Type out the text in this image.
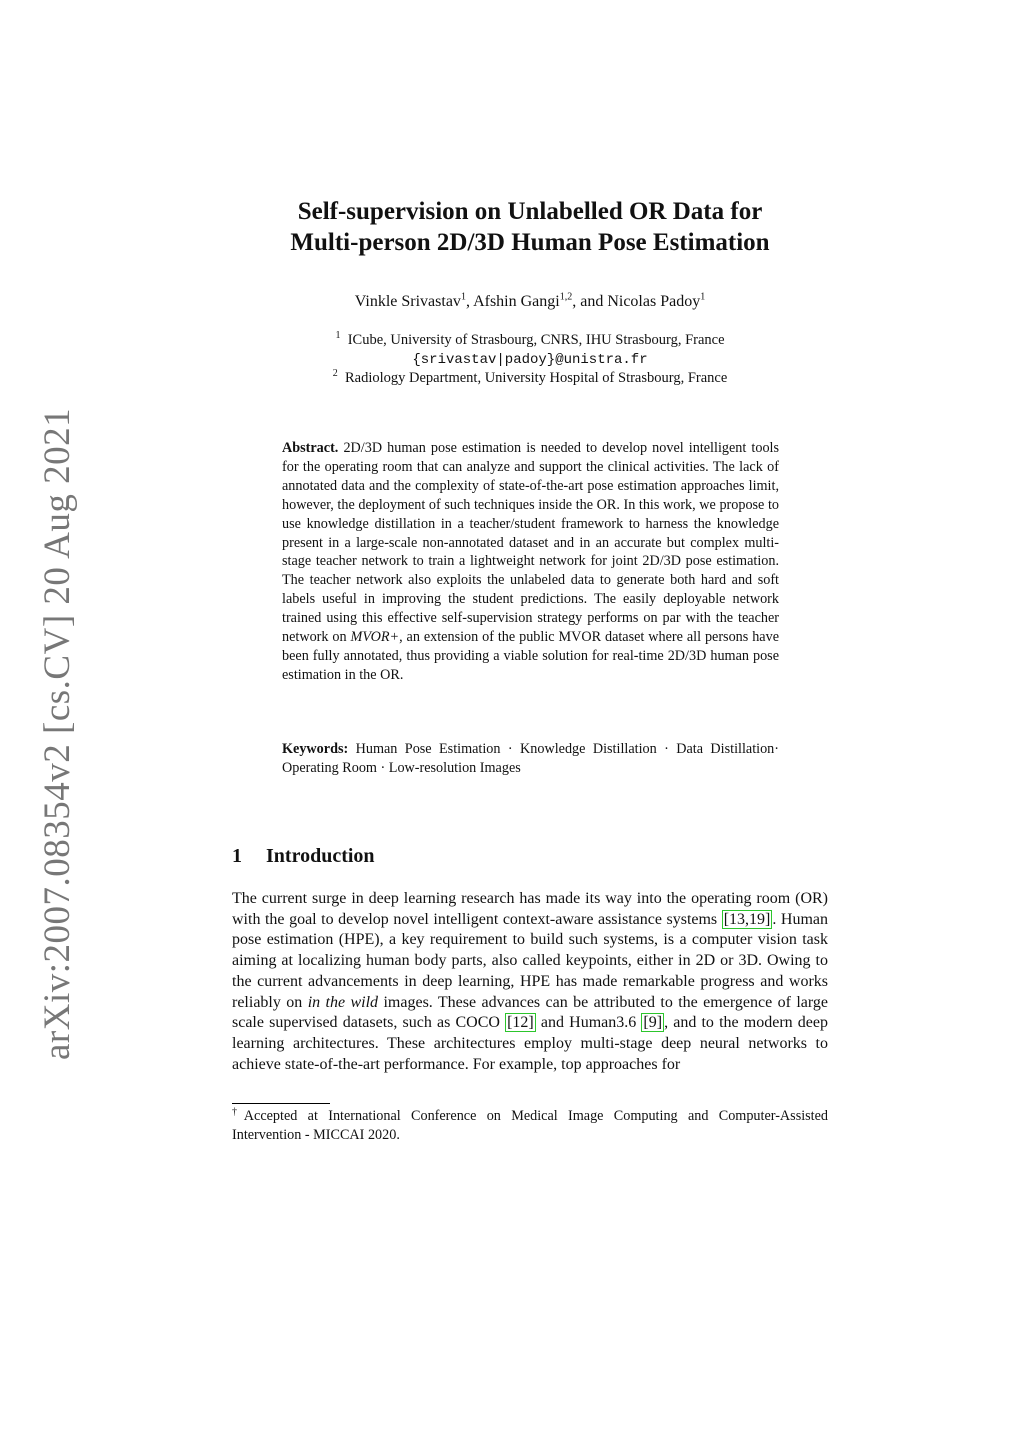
arXiv:2007.08354v2 [cs.CV] 20 Aug 2021
Self-supervision on Unlabelled OR Data for
Multi-person 2D/3D Human Pose Estimation
Vinkle Srivastav$^1$, Afshin Gangi$^{1,2}$, and Nicolas Padoy$^1$
$^1$ ICube, University of Strasbourg, CNRS, IHU Strasbourg, France
{srivastav|padoy}@unistra.fr
$^2$ Radiology Department, University Hospital of Strasbourg, France
Abstract. 2D/3D human pose estimation is needed to develop novel intelligent tools for the operating room that can analyze and support the clinical activities. The lack of annotated data and the complexity of state-of-the-art pose estimation approaches limit, however, the deployment of such techniques inside the OR. In this work, we propose to use knowledge distillation in a teacher/student framework to harness the knowledge present in a large-scale non-annotated dataset and in an accurate but complex multi-stage teacher network to train a lightweight network for joint 2D/3D pose estimation. The teacher network also exploits the unlabeled data to generate both hard and soft labels useful in improving the student predictions. The easily deployable network trained using this effective self-supervision strategy performs on par with the teacher network on MVOR+, an extension of the public MVOR dataset where all persons have been fully annotated, thus providing a viable solution for real-time 2D/3D human pose estimation in the OR.
Keywords: Human Pose Estimation · Knowledge Distillation · Data Distillation· Operating Room · Low-resolution Images
1 Introduction
The current surge in deep learning research has made its way into the operating room (OR) with the goal to develop novel intelligent context-aware assistance systems [13,19] . Human pose estimation (HPE), a key requirement to build such systems, is a computer vision task aiming at localizing human body parts, also called keypoints, either in 2D or 3D. Owing to the current advancements in deep learning, HPE has made remarkable progress and works reliably on in the wild images. These advances can be attributed to the emergence of large scale supervised datasets, such as COCO [12] and Human3.6 [9] , and to the modern deep learning architectures. These architectures employ multi-stage deep neural networks to achieve state-of-the-art performance. For example, top approaches for
†Accepted at International Conference on Medical Image Computing and Computer-Assisted Intervention - MICCAI 2020.
